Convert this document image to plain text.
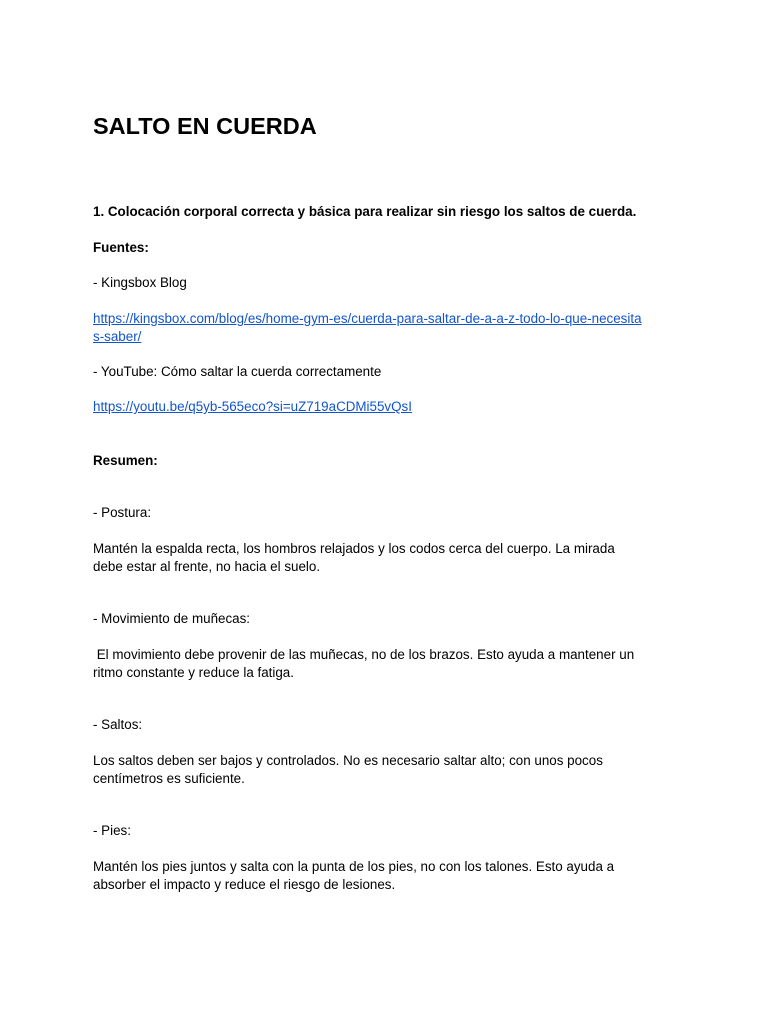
SALTO EN CUERDA

1. Colocación corporal correcta y básica para realizar sin riesgo los saltos de cuerda.

Fuentes:

- Kingsbox Blog

https://kingsbox.com/blog/es/home-gym-es/cuerda-para-saltar-de-a-a-z-todo-lo-que-necesita
s-saber/

- YouTube: Cómo saltar la cuerda correctamente

https://youtu.be/q5yb-565eco?si=uZ719aCDMi55vQsI

Resumen:

- Postura:

Mantén la espalda recta, los hombros relajados y los codos cerca del cuerpo. La mirada
debe estar al frente, no hacia el suelo.

- Movimiento de muñecas:

El movimiento debe provenir de las muñecas, no de los brazos. Esto ayuda a mantener un
ritmo constante y reduce la fatiga.

- Saltos:

Los saltos deben ser bajos y controlados. No es necesario saltar alto; con unos pocos
centímetros es suficiente.

- Pies:

Mantén los pies juntos y salta con la punta de los pies, no con los talones. Esto ayuda a
absorber el impacto y reduce el riesgo de lesiones.
